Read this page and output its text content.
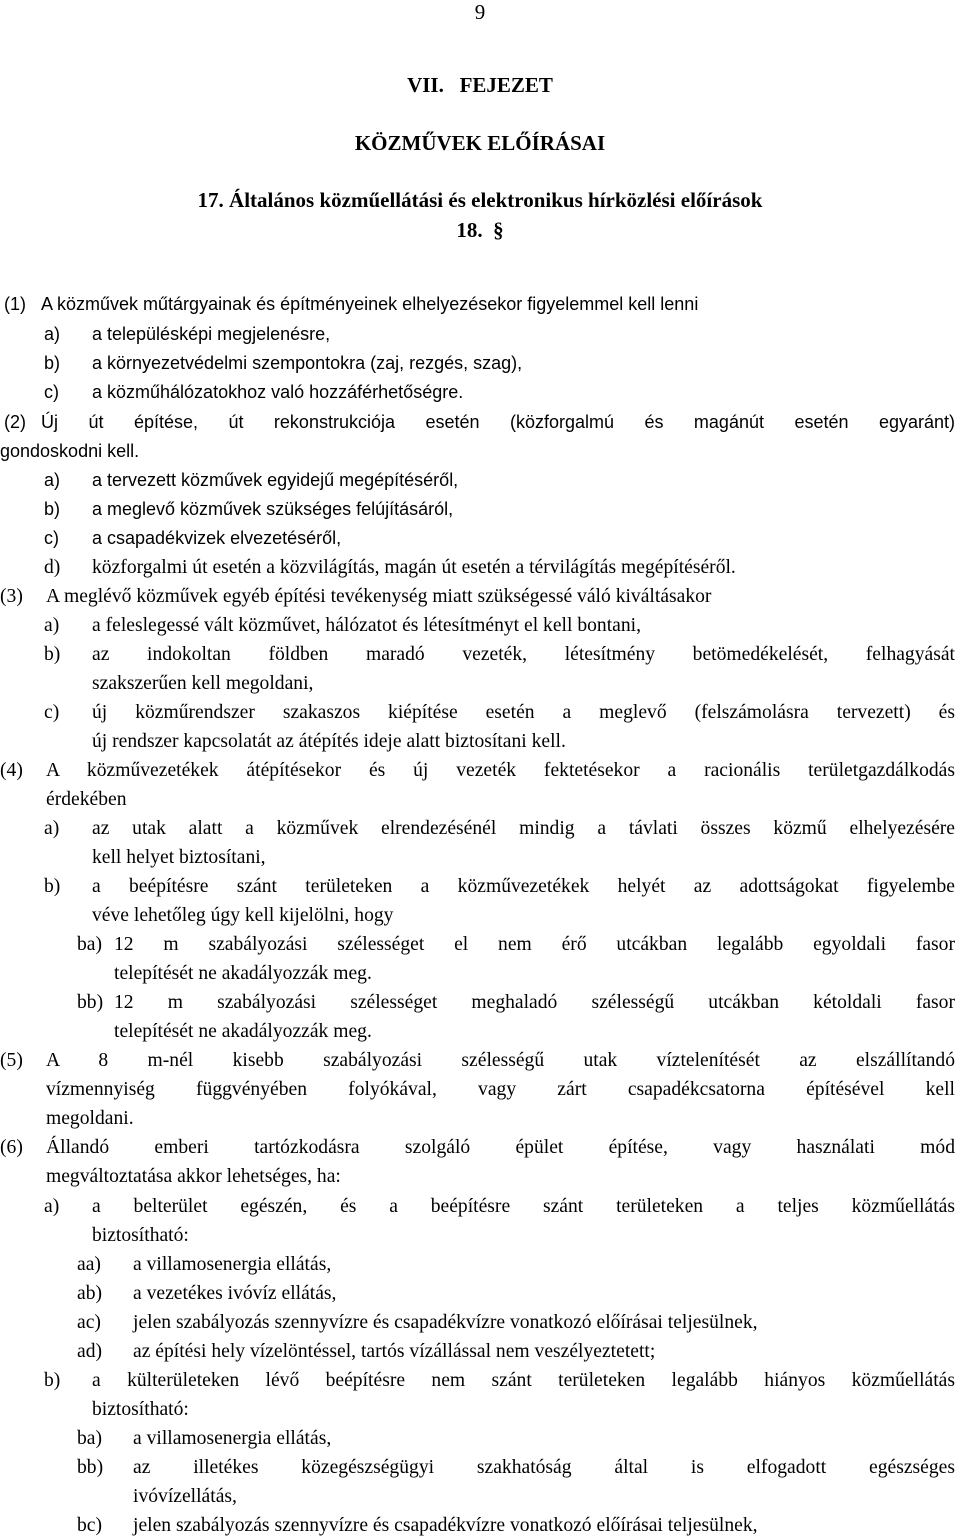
9
VII.   FEJEZET
KÖZMŰVEK ELŐÍRÁSAI
17. Általános közműellátási és elektronikus hírközlési előírások
18.  §
(1) A közművek műtárgyainak és építményeinek elhelyezésekor figyelemmel kell lenni
a) a településképi megjelenésre,
b) a környezetvédelmi szempontokra (zaj, rezgés, szag),
c) a közműhálózatokhoz való hozzáférhetőségre.
(2) Új út építése, út rekonstrukciója esetén (közforgalmú és magánút esetén egyaránt)
gondoskodni kell.
a) a tervezett közművek egyidejű megépítéséről,
b) a meglevő közművek szükséges felújításáról,
c) a csapadékvizek elvezetéséről,
d) közforgalmi út esetén a közvilágítás, magán út esetén a térvilágítás megépítéséről.
(3) A meglévő közművek egyéb építési tevékenység miatt szükségessé váló kiváltásakor
a) a feleslegessé vált közművet, hálózatot és létesítményt el kell bontani,
b) az indokoltan földben maradó vezeték, létesítmény betömedékelését, felhagyását
szakszerűen kell megoldani,
c) új közműrendszer szakaszos kiépítése esetén a meglevő (felszámolásra tervezett) és
új rendszer kapcsolatát az átépítés ideje alatt biztosítani kell.
(4) A közművezetékek átépítésekor és új vezeték fektetésekor a racionális területgazdálkodás
érdekében
a) az utak alatt a közművek elrendezésénél mindig a távlati összes közmű elhelyezésére
kell helyet biztosítani,
b) a beépítésre szánt területeken a közművezetékek helyét az adottságokat figyelembe
véve lehetőleg úgy kell kijelölni, hogy
ba) 12 m szabályozási szélességet el nem érő utcákban legalább egyoldali fasor
telepítését ne akadályozzák meg.
bb) 12 m szabályozási szélességet meghaladó szélességű utcákban kétoldali fasor
telepítését ne akadályozzák meg.
(5) A 8 m-nél kisebb szabályozási szélességű utak víztelenítését az elszállítandó
vízmennyiség függvényében folyókával, vagy zárt csapadékcsatorna építésével kell
megoldani.
(6) Állandó emberi tartózkodásra szolgáló épület építése, vagy használati mód
megváltoztatása akkor lehetséges, ha:
a) a belterület egészén, és a beépítésre szánt területeken a teljes közműellátás
biztosítható:
aa) a villamosenergia ellátás,
ab) a vezetékes ivóvíz ellátás,
ac) jelen szabályozás szennyvízre és csapadékvízre vonatkozó előírásai teljesülnek,
ad) az építési hely vízelöntéssel, tartós vízállással nem veszélyeztetett;
b) a külterületeken lévő beépítésre nem szánt területeken legalább hiányos közműellátás
biztosítható:
ba) a villamosenergia ellátás,
bb) az illetékes közegészségügyi szakhatóság által is elfogadott egészséges
ivóvízellátás,
bc) jelen szabályozás szennyvízre és csapadékvízre vonatkozó előírásai teljesülnek,
